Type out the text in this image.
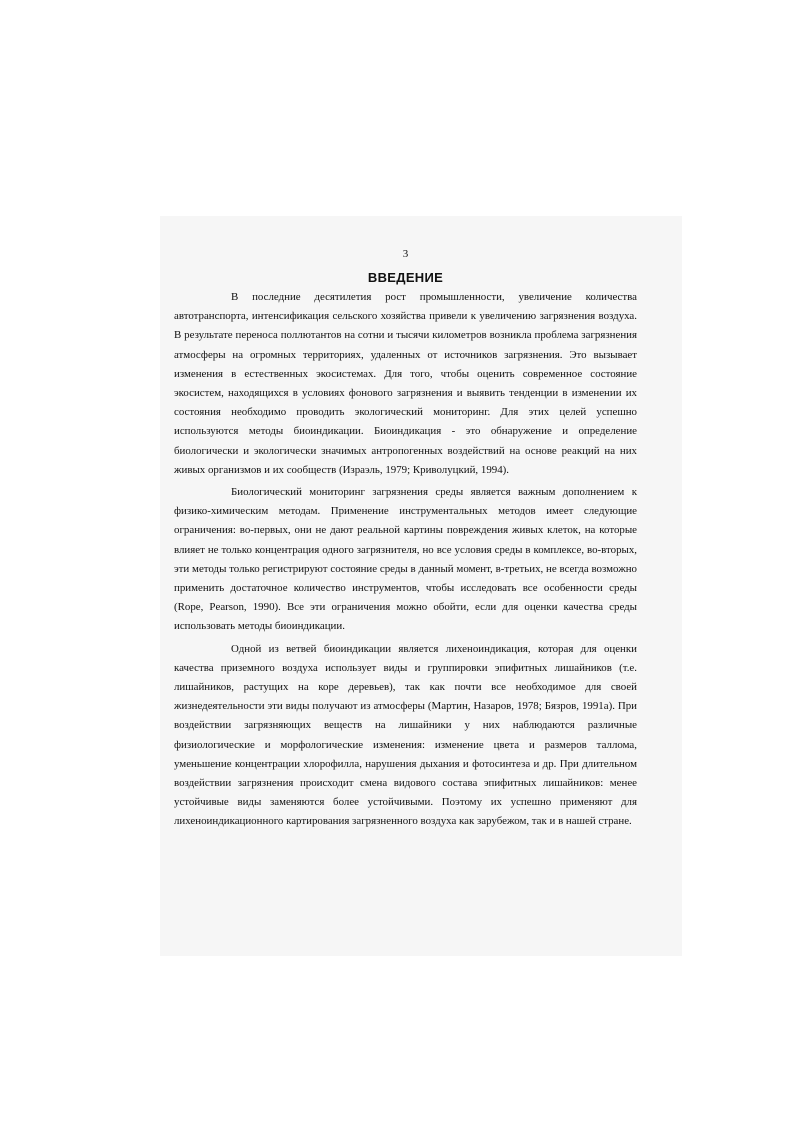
3
ВВЕДЕНИЕ

В последние десятилетия рост промышленности, увеличение количества автотранспорта, интенсификация сельского хозяйства привели к увеличению загрязнения воздуха. В результате переноса поллютантов на сотни и тысячи километров возникла проблема загрязнения атмосферы на огромных территориях, удаленных от источников загрязнения. Это вызывает изменения в естественных экосистемах. Для того, чтобы оценить современное состояние экосистем, находящихся в условиях фонового загрязнения и выявить тенденции в изменении их состояния необходимо проводить экологический мониторинг. Для этих целей успешно используются методы биоиндикации. Биоиндикация - это обнаружение и определение биологически и экологически значимых антропогенных воздействий на основе реакций на них живых организмов и их сообществ (Израэль, 1979; Криволуцкий, 1994).

Биологический мониторинг загрязнения среды является важным дополнением к физико-химическим методам. Применение инструментальных методов имеет следующие ограничения: во-первых, они не дают реальной картины повреждения живых клеток, на которые влияет не только концентрация одного загрязнителя, но все условия среды в комплексе, во-вторых, эти методы только регистрируют состояние среды в данный момент, в-третьих, не всегда возможно применить достаточное количество инструментов, чтобы исследовать все особенности среды (Rope, Pearson, 1990). Все эти ограничения можно обойти, если для оценки качества среды использовать методы биоиндикации.

Одной из ветвей биоиндикации является лихеноиндикация, которая для оценки качества приземного воздуха использует виды и группировки эпифитных лишайников (т.е. лишайников, растущих на коре деревьев), так как почти все необходимое для своей жизнедеятельности эти виды получают из атмосферы (Мартин, Назаров, 1978; Бязров, 1991а). При воздействии загрязняющих веществ на лишайники у них наблюдаются различные физиологические и морфологические изменения: изменение цвета и размеров таллома, уменьшение концентрации хлорофилла, нарушения дыхания и фотосинтеза и др. При длительном воздействии загрязнения происходит смена видового состава эпифитных лишайников: менее устойчивые виды заменяются более устойчивыми. Поэтому их успешно применяют для лихеноиндикационного картирования загрязненного воздуха как зарубежом, так и в нашей стране.
